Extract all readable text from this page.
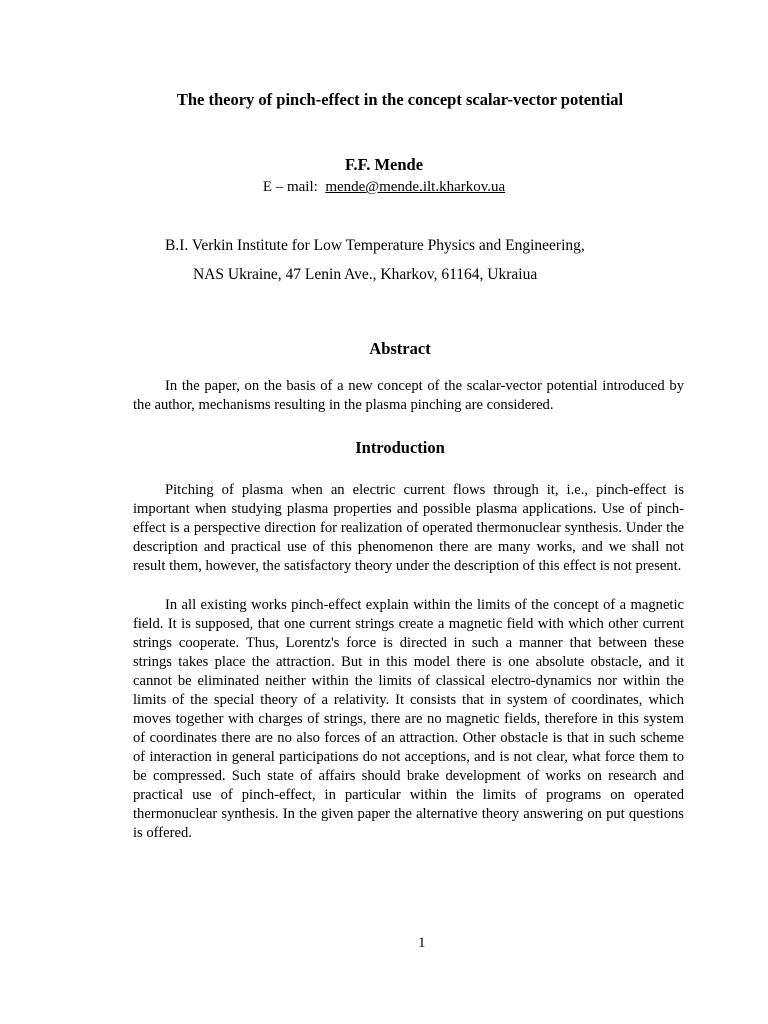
The theory of pinch-effect in the concept scalar-vector potential

F.F. Mende

E – mail: mende@mende.ilt.kharkov.ua
B.I. Verkin Institute for Low Temperature Physics and Engineering,
NAS Ukraine, 47 Lenin Ave., Kharkov, 61164, Ukraiua
Abstract

In the paper, on the basis of a new concept of the scalar-vector potential introduced by the author, mechanisms resulting in the plasma pinching are considered.

Introduction

Pitching of plasma when an electric current flows through it, i.e., pinch-effect is important when studying plasma properties and possible plasma applications. Use of pinch-effect is a perspective direction for realization of operated thermonuclear synthesis. Under the description and practical use of this phenomenon there are many works, and we shall not result them, however, the satisfactory theory under the description of this effect is not present.

In all existing works pinch-effect explain within the limits of the concept of a magnetic field. It is supposed, that one current strings create a magnetic field with which other current strings cooperate. Thus, Lorentz's force is directed in such a manner that between these strings takes place the attraction. But in this model there is one absolute obstacle, and it cannot be eliminated neither within the limits of classical electro-dynamics nor within the limits of the special theory of a relativity. It consists that in system of coordinates, which moves together with charges of strings, there are no magnetic fields, therefore in this system of coordinates there are no also forces of an attraction. Other obstacle is that in such scheme of interaction in general participations do not acceptions, and is not clear, what force them to be compressed. Such state of affairs should brake development of works on research and practical use of pinch-effect, in particular within the limits of programs on operated thermonuclear synthesis. In the given paper the alternative theory answering on put questions is offered.

1
